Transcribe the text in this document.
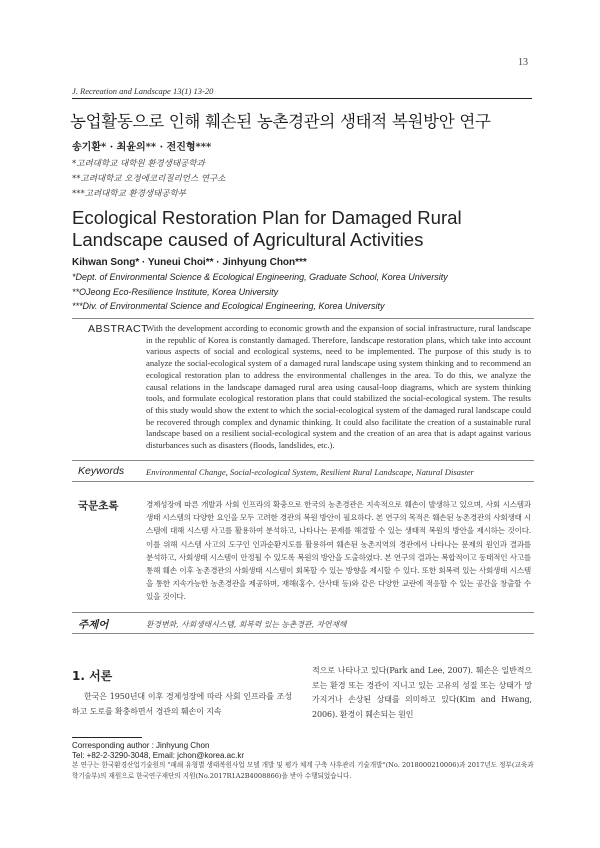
13
J. Recreation and Landscape 13(1) 13-20
농업활동으로 인해 훼손된 농촌경관의 생태적 복원방안 연구
송기환* · 최윤의** · 전진형***
*고려대학교 대학원 환경생태공학과
**고려대학교 오정에코리질리언스 연구소
***고려대학교 환경생태공학부
Ecological Restoration Plan for Damaged Rural Landscape caused of Agricultural Activities
Kihwan Song* · Yuneui Choi** · Jinhyung Chon***
*Dept. of Environmental Science & Ecological Engineering, Graduate School, Korea University
**OJeong Eco-Resilience Institute, Korea University
***Div. of Environmental Science and Ecological Engineering, Korea University
ABSTRACT
With the development according to economic growth and the expansion of social infrastructure, rural landscape in the republic of Korea is constantly damaged. Therefore, landscape restoration plans, which take into account various aspects of social and ecological systems, need to be implemented. The purpose of this study is to analyze the social-ecological system of a damaged rural landscape using system thinking and to recommend an ecological restoration plan to address the environmental challenges in the area. To do this, we analyze the causal relations in the landscape damaged rural area using causal-loop diagrams, which are system thinking tools, and formulate ecological restoration plans that could stabilized the social-ecological system. The results of this study would show the extent to which the social-ecological system of the damaged rural landscape could be recovered through complex and dynamic thinking. It could also facilitate the creation of a sustainable rural landscape based on a resilient social-ecological system and the creation of an area that is adapt against various disturbances such as disasters (floods, landslides, etc.).
Keywords	Environmental Change, Social-ecological System, Resilient Rural Landscape, Natural Disaster
국문초록	경제성장에 따른 개발과 사회 인프라의 확충으로 한국의 농촌경관은 지속적으로 훼손이 발생하고 있으며, 사회 시스템과 생태 시스템의 다양한 요인을 모두 고려한 경관의 복원 방안이 필요하다. 본 연구의 목적은 훼손된 농촌경관의 사회생태 시스템에 대해 시스템 사고를 활용하여 분석하고, 나타나는 문제를 해결할 수 있는 생태적 복원의 방안을 제시하는 것이다. 이를 위해 시스템 사고의 도구인 인과순환지도를 활용하여 훼손된 농촌지역의 경관에서 나타나는 문제의 원인과 결과를 분석하고, 사회생태 시스템이 안정될 수 있도록 복원의 방안을 도출하였다. 본 연구의 결과는 복합적이고 동태적인 사고를 통해 훼손 이후 농촌경관의 사회생태 시스템이 회복할 수 있는 방향을 제시할 수 있다. 또한 회복력 있는 사회생태 시스템을 통한 지속가능한 농촌경관을 제공하며, 재해(홍수, 산사태 등)와 같은 다양한 교란에 적응할 수 있는 공간을 창출할 수 있을 것이다.
주제어	환경변화, 사회생태시스템, 회복력 있는 농촌경관, 자연재해
1. 서론
한국은 1950년대 이후 경제성장에 따라 사회 인프라를 조성하고 도로를 확충하면서 경관의 훼손이 지속
적으로 나타나고 있다(Park and Lee, 2007). 훼손은 일반적으로는 환경 또는 경관이 지니고 있는 고유의 성질 또는 상태가 망가지거나 손상된 상태를 의미하고 있다(Kim and Hwang, 2006). 환경이 훼손되는 원인
Corresponding author : Jinhyung Chon
Tel: +82-2-3290-3048, Email: jchon@korea.ac.kr
본 연구는 한국환경산업기술원의 "패쇄 유형별 생태복원사업 모델 개발 및 평가 체계 구축 사후관리 기술개발"(No. 2018000210006)과 2017년도 정부(교육과학기술부)의 재원으로 한국연구재단의 지원(No.2017R1A2B4008866)을 받아 수행되었습니다.
